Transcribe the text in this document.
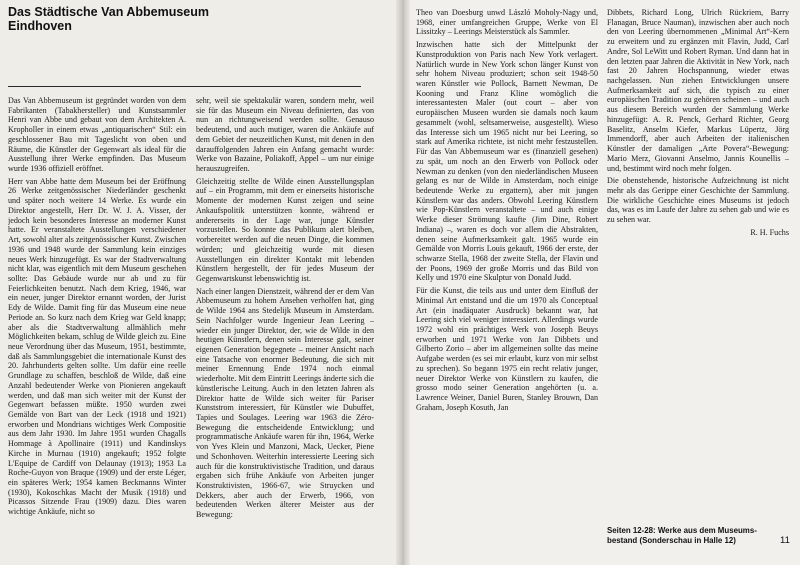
Das Städtische Van Abbemuseum
Eindhoven

Das Van Abbemuseum ist gegründet worden von dem Fabrikanten (Tabakhersteller) und Kunstsammler Henri van Abbe und gebaut von dem Architekten A. Kropholler in einem etwas „antiquarischen“ Stil: ein geschlossener Bau mit Tageslicht von oben und Räume, die Künstler der Gegenwart als ideal für die Ausstellung ihrer Werke empfinden. Das Museum wurde 1936 offiziell eröffnet.

Herr van Abbe hatte dem Museum bei der Eröffnung 26 Werke zeitgenössischer Niederländer geschenkt und später noch weitere 14 Werke. Es wurde ein Direktor angestellt, Herr Dr. W. J. A. Visser, der jedoch kein besonderes Interesse an moderner Kunst hatte. Er veranstaltete Ausstellungen verschiedener Art, sowohl alter als zeitgenössischer Kunst. Zwischen 1936 und 1948 wurde der Sammlung kein einziges neues Werk hinzugefügt. Es war der Stadtverwaltung nicht klar, was eigentlich mit dem Museum geschehen sollte: Das Gebäude wurde nur ab und zu für Feierlichkeiten benutzt. Nach dem Krieg, 1946, war ein neuer, junger Direktor ernannt worden, der Jurist Edy de Wilde. Damit fing für das Museum eine neue Periode an. So kurz nach dem Krieg war Geld knapp; aber als die Stadtverwaltung allmählich mehr Möglichkeiten bekam, schlug de Wilde gleich zu. Eine neue Verordnung über das Museum, 1951, bestimmte, daß als Sammlungsgebiet die internationale Kunst des 20. Jahrhunderts gelten sollte. Um dafür eine reelle Grundlage zu schaffen, beschloß de Wilde, daß eine Anzahl bedeutender Werke von Pionieren angekauft werden, und daß man sich weiter mit der Kunst der Gegenwart befassen müßte. 1950 wurden zwei Gemälde von Bart van der Leck (1918 und 1921) erworben und Mondrians wichtiges Werk Compositie aus dem Jahr 1930. Im Jahre 1951 wurden Chagalls Hommage à Apollinaire (1911) und Kandinskys Kirche in Murnau (1910) angekauft; 1952 folgte L'Equipe de Cardiff von Delaunay (1913); 1953 La Roche-Guyon von Braque (1909) und der erste Léger, ein späteres Werk; 1954 kamen Beckmanns Winter (1930), Kokoschkas Macht der Musik (1918) und Picassos Sitzende Frau (1909) dazu. Dies waren wichtige Ankäufe, nicht so

sehr, weil sie spektakulär waren, sondern mehr, weil sie für das Museum ein Niveau definierten, das von nun an richtungweisend werden sollte. Genauso bedeutend, und auch mutiger, waren die Ankäufe auf dem Gebiet der neuzeitlichen Kunst, mit denen in den darauffolgenden Jahren ein Anfang gemacht wurde: Werke von Bazaine, Poliakoff, Appel – um nur einige herauszugreifen.

Gleichzeitig stellte de Wilde einen Ausstellungsplan auf – ein Programm, mit dem er einerseits historische Momente der modernen Kunst zeigen und seine Ankaufspolitik unterstützen konnte, während er andererseits in der Lage war, junge Künstler vorzustellen. So konnte das Publikum alert bleiben, vorbereitet werden auf die neuen Dinge, die kommen würden; und gleichzeitig wurde mit diesen Ausstellungen ein direkter Kontakt mit lebenden Künstlern hergestellt, der für jedes Museum der Gegenwartskunst lebenswichtig ist.

Nach einer langen Dienstzeit, während der er dem Van Abbemuseum zu hohem Ansehen verholfen hat, ging de Wilde 1964 ans Stedelijk Museum in Amsterdam. Sein Nachfolger wurde Ingenieur Jean Leering – wieder ein junger Direktor, der, wie de Wilde in den heutigen Künstlern, denen sein Interesse galt, seiner eigenen Generation begegnete – meiner Ansicht nach eine Tatsache von enormer Bedeutung, die sich mit meiner Ernennung Ende 1974 noch einmal wiederholte. Mit dem Eintritt Leerings änderte sich die künstlerische Leitung. Auch in den letzten Jahren als Direktor hatte de Wilde sich weiter für Pariser Kunststrom interessiert, für Künstler wie Dubuffet, Tapies und Soulages. Leering war 1963 die Zéro-Bewegung die entscheidende Entwicklung; und programmatische Ankäufe waren für ihn, 1964, Werke von Yves Klein und Manzoni, Mack, Uecker, Piene und Schonhoven. Weiterhin interessierte Leering sich auch für die konstruktivistische Tradition, und daraus ergaben sich frühe Ankäufe von Arbeiten junger Konstruktivisten, 1966-67, wie Struycken und Dekkers, aber auch der Erwerb, 1966, von bedeutenden Werken älterer Meister aus der Bewegung:

Theo van Doesburg unwd László Moholy-Nagy und, 1968, einer umfangreichen Gruppe, Werke von El Lissitzky – Leerings Meisterstück als Sammler.

Inzwischen hatte sich der Mittelpunkt der Kunstproduktion von Paris nach New York verlagert. Natürlich wurde in New York schon länger Kunst von sehr hohem Niveau produziert; schon seit 1948-50 waren Künstler wie Pollock, Barnett Newman, De Kooning und Franz Kline womöglich die interessantesten Maler (out court – aber von europäischen Museen wurden sie damals noch kaum gesammelt (wohl, seltsamerweise, ausgestellt). Wieso das Interesse sich um 1965 nicht nur bei Leering, so stark auf Amerika richtete, ist nicht mehr festzustellen. Für das Van Abbemuseum war es (finanziell gesehen) zu spät, um noch an den Erwerb von Pollock oder Newman zu denken (von den niederländischen Museen gelang es nur de Wilde in Amsterdam, noch einige bedeutende Werke zu ergattern), aber mit jungen Künstlern war das anders. Obwohl Leering Künstlern wie Pop-Künstlern veranstaltete – und auch einige Werke dieser Strömung kaufte (Jim Dine, Robert Indiana) –, waren es doch vor allem die Abstrakten, denen seine Aufmerksamkeit galt. 1965 wurde ein Gemälde von Morris Louis gekauft, 1966 der erste, der schwarze Stella, 1968 der zweite Stella, der Flavin und der Poons, 1969 der große Morris und das Bild von Kelly und 1970 eine Skulptur von Donald Judd.

Für die Kunst, die teils aus und unter dem Einfluß der Minimal Art entstand und die um 1970 als Conceptual Art (ein inadäquater Ausdruck) bekannt war, hat Leering sich viel weniger interessiert. Allerdings wurde 1972 wohl ein prächtiges Werk von Joseph Beuys erworben und 1971 Werke von Jan Dibbets und Gilberto Zorio – aber im allgemeinen sollte das meine Aufgabe werden (es sei mir erlaubt, kurz von mir selbst zu sprechen). So begann 1975 ein recht relativ junger, neuer Direktor Werke von Künstlern zu kaufen, die grosso modo seiner Generation angehörten (u. a. Lawrence Weiner, Daniel Buren, Stanley Brouwn, Dan Graham, Joseph Kosuth, Jan

Dibbets, Richard Long, Ulrich Rückriem, Barry Flanagan, Bruce Nauman), inzwischen aber auch noch den von Leering übernommenen „Minimal Art“-Kern zu erweitern und zu ergänzen mit Flavin, Judd, Carl Andre, Sol LeWitt und Robert Ryman. Und dann hat in den letzten paar Jahren die Aktivität in New York, nach fast 20 Jahren Hochspannung, wieder etwas nachgelassen. Nun ziehen Entwicklungen unsere Aufmerksamkeit auf sich, die typisch zu einer europäischen Tradition zu gehören scheinen – und auch aus diesem Bereich wurden der Sammlung Werke hinzugefügt: A. R. Penck, Gerhard Richter, Georg Baselitz, Anselm Kiefer, Markus Lüpertz, Jörg Immendorff, aber auch Arbeiten der italienischen Künstler der damaligen „Arte Povera“-Bewegung: Mario Merz, Giovanni Anselmo, Jannis Kounellis – und, bestimmt wird noch mehr folgen.

Die obenstehende, historische Aufzeichnung ist nicht mehr als das Gerippe einer Geschichte der Sammlung. Die wirkliche Geschichte eines Museums ist jedoch das, was es im Laufe der Jahre zu sehen gab und wie es zu sehen war.

R. H. Fuchs

Seiten 12-28: Werke aus dem Museums-
bestand (Sonderschau in Halle 12)	11
